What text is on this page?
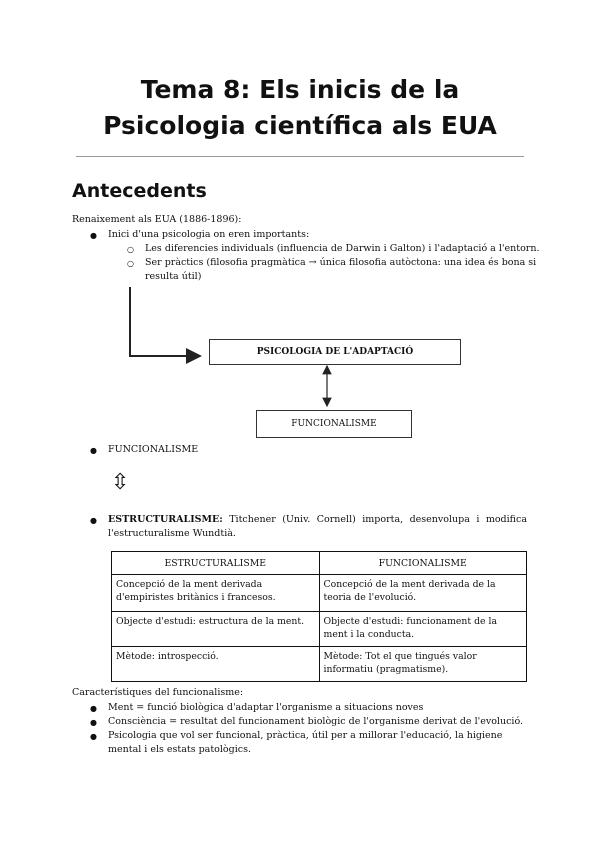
Tema 8: Els inicis de la
Psicologia científica als EUA
Antecedents
Renaixement als EUA (1886-1896):
● Inici d'una psicologia on eren importants:
○ Les diferencies individuals (influencia de Darwin i Galton) i l'adaptació a l'entorn.
○ Ser pràctics (filosofia pragmàtica → única filosofia autòctona: una idea és bona si
resulta útil)
PSICOLOGIA DE L'ADAPTACIÓ
FUNCIONALISME
● FUNCIONALISME
⇳
● ESTRUCTURALISME: Titchener (Univ. Cornell) importa, desenvolupa i modifica l'estructuralisme Wundtià.
ESTRUCTURALISME	FUNCIONALISME
Concepció de la ment derivada d'empiristes britànics i francesos.	Concepció de la ment derivada de la teoria de l'evolució.
Objecte d'estudi: estructura de la ment.	Objecte d'estudi: funcionament de la ment i la conducta.
Mètode: introspecció.	Mètode: Tot el que tingués valor informatiu (pragmatisme).
Característiques del funcionalisme:
● Ment = funció biològica d'adaptar l'organisme a situacions noves
● Consciència = resultat del funcionament biològic de l'organisme derivat de l'evolució.
● Psicologia que vol ser funcional, pràctica, útil per a millorar l'educació, la higiene mental i els estats patològics.
